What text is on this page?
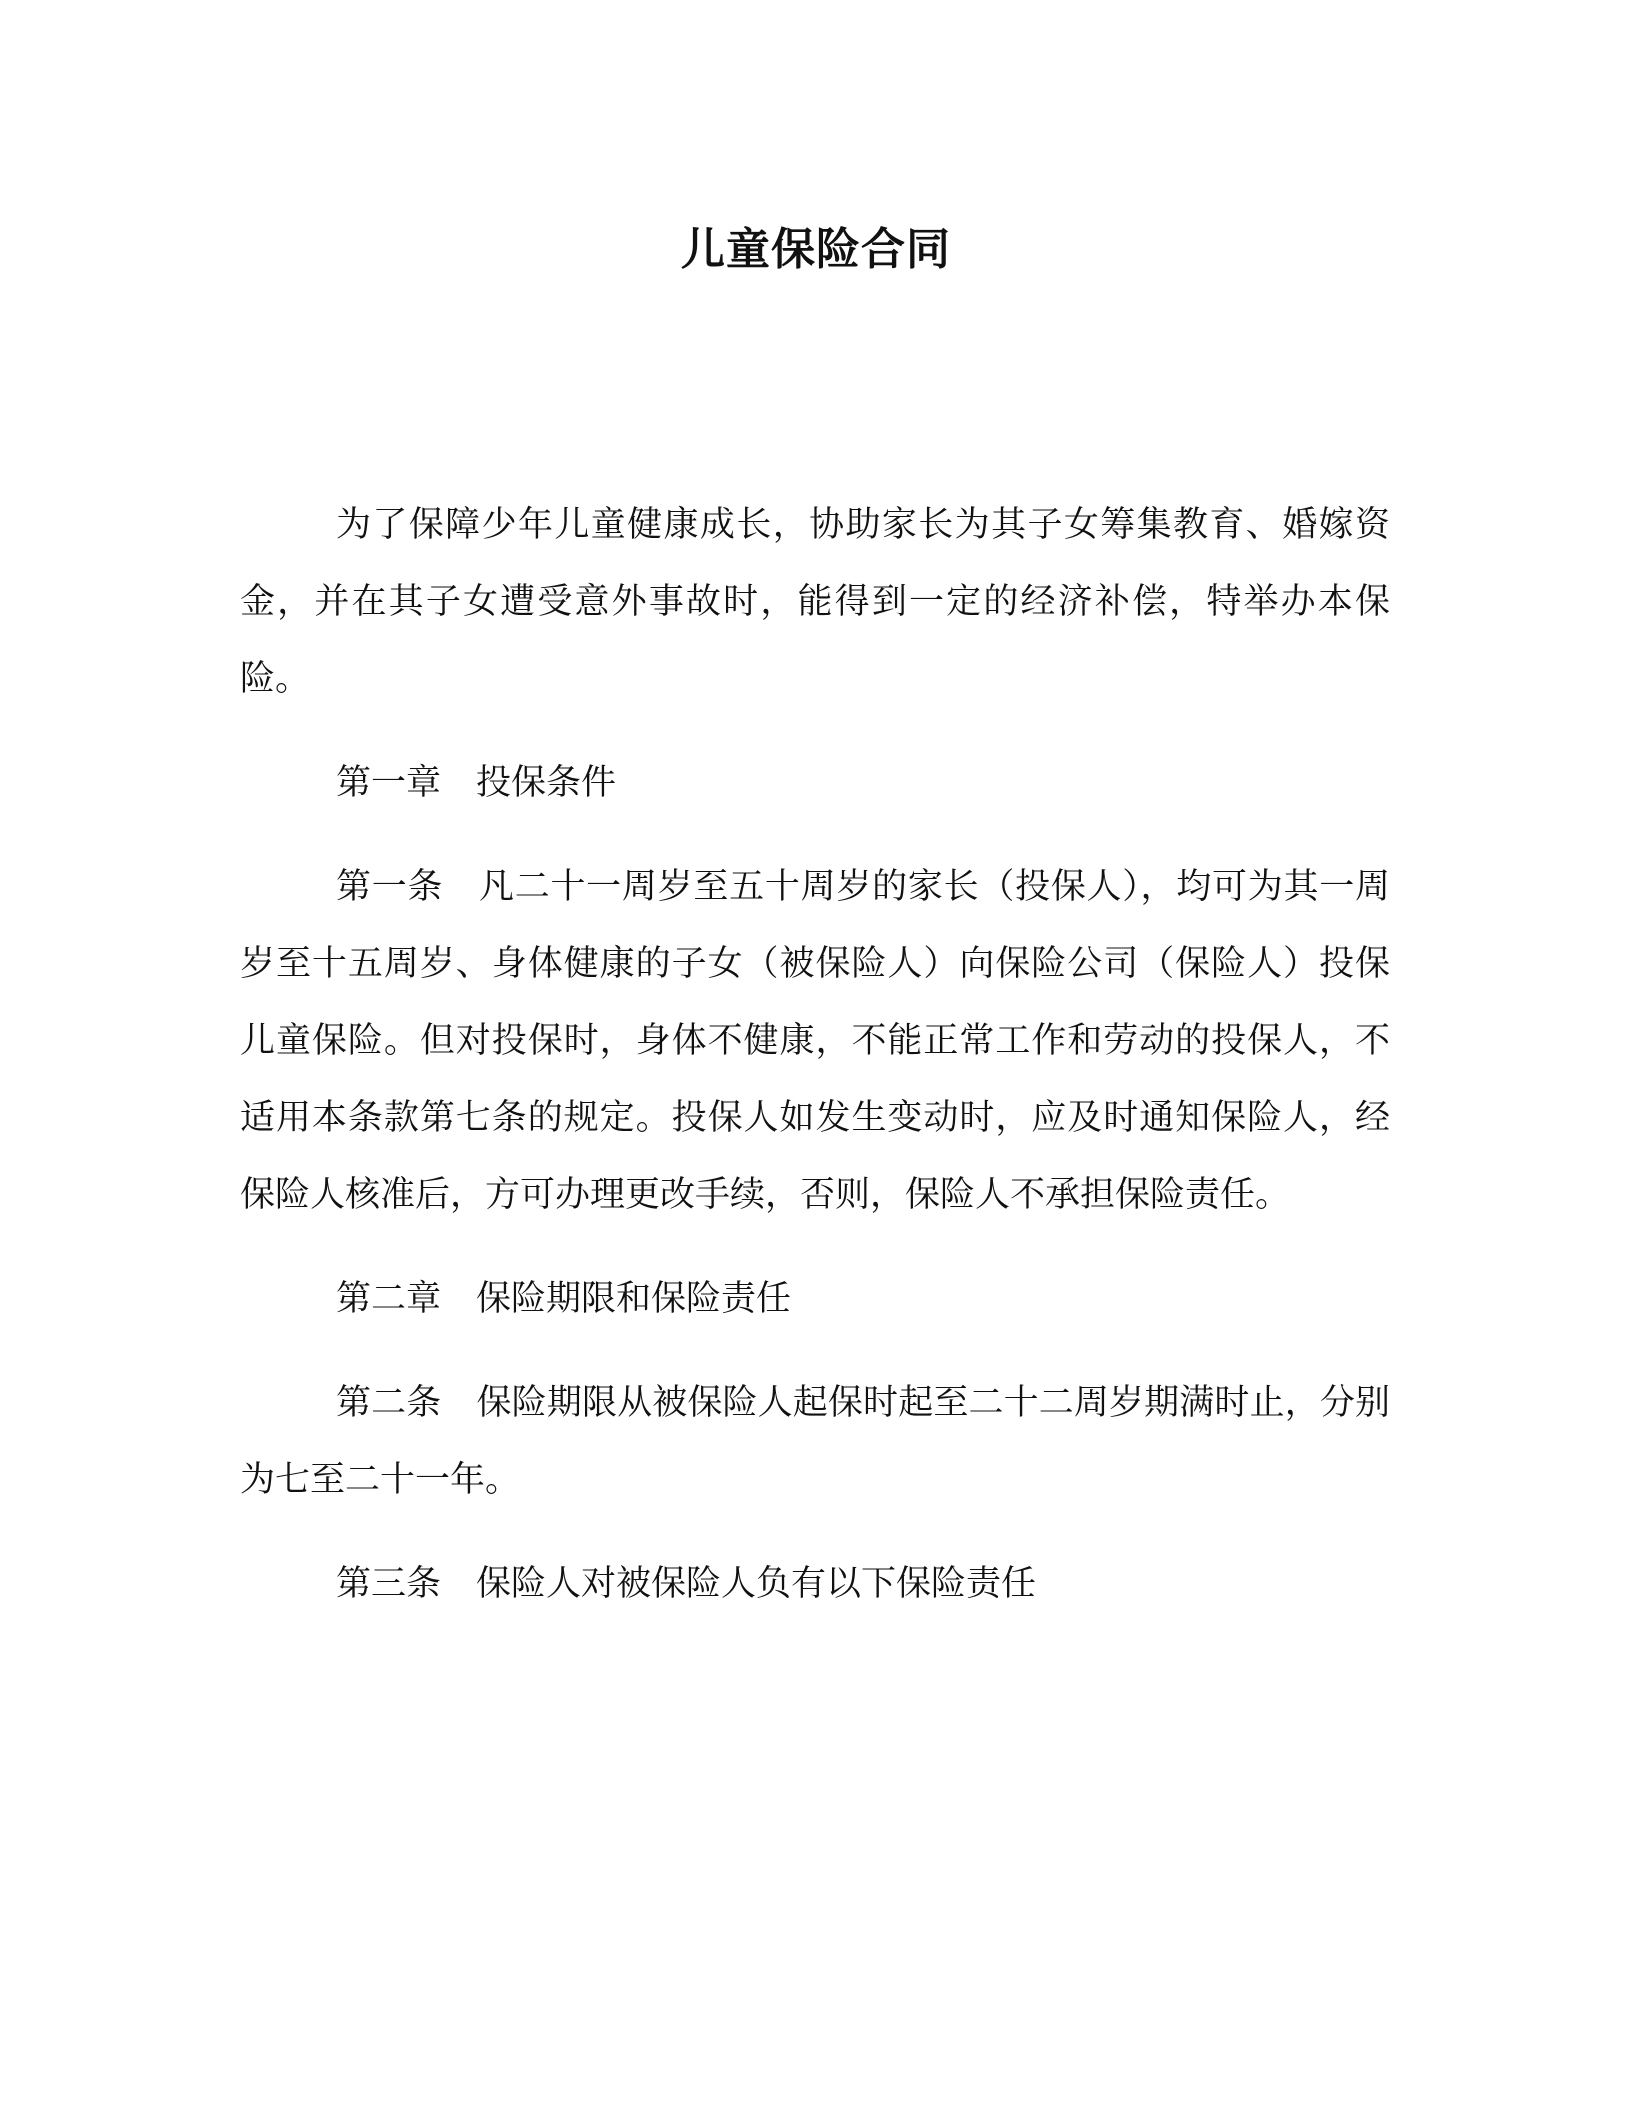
儿童保险合同

为了保障少年儿童健康成长，协助家长为其子女筹集教育、婚嫁资金，并在其子女遭受意外事故时，能得到一定的经济补偿，特举办本保险。

第一章　投保条件

第一条　凡二十一周岁至五十周岁的家长（投保人），均可为其一周岁至十五周岁、身体健康的子女（被保险人）向保险公司（保险人）投保儿童保险。但对投保时，身体不健康，不能正常工作和劳动的投保人，不适用本条款第七条的规定。投保人如发生变动时，应及时通知保险人，经保险人核准后，方可办理更改手续，否则，保险人不承担保险责任。

第二章　保险期限和保险责任

第二条　保险期限从被保险人起保时起至二十二周岁期满时止，分别为七至二十一年。

第三条　保险人对被保险人负有以下保险责任
